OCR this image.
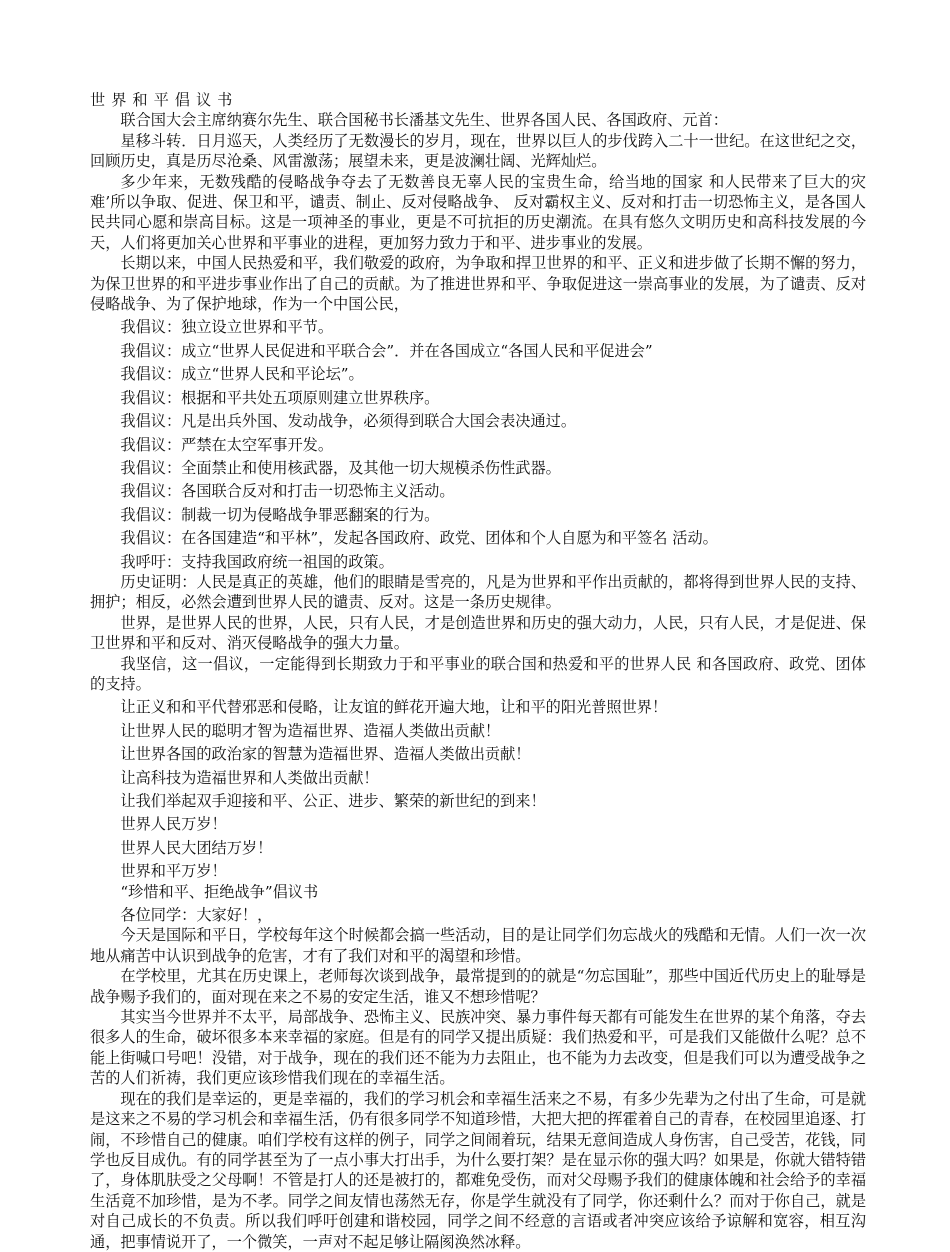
世界和平倡议书

联合国大会主席纳赛尔先生、联合国秘书长潘基文先生、世界各国人民、各国政府、元首：

星移斗转．日月巡天，人类经历了无数漫长的岁月，现在，世界以巨人的步伐跨入二十一世纪。在这世纪之交，回顾历史，真是历尽沧桑、风雷激荡；展望未来，更是波澜壮阔、光辉灿烂。

多少年来，无数残酷的侵略战争夺去了无数善良无辜人民的宝贵生命，给当地的国家 和人民带来了巨大的灾难’所以争取、促进、保卫和平，谴责、制止、反对侵略战争、 反对霸权主义、反对和打击一切恐怖主义，是各国人民共同心愿和崇高目标。这是一项神圣的事业，更是不可抗拒的历史潮流。在具有悠久文明历史和高科技发展的今天，人们将更加关心世界和平事业的进程，更加努力致力于和平、进步事业的发展。

长期以来，中国人民热爱和平，我们敬爱的政府，为争取和捍卫世界的和平、正义和进步做了长期不懈的努力，为保卫世界的和平进步事业作出了自己的贡献。为了推进世界和平、争取促进这一崇高事业的发展，为了谴责、反对侵略战争、为了保护地球，作为一个中国公民，

我倡议：独立设立世界和平节。

我倡议：成立“世界人民促进和平联合会”．并在各国成立“各国人民和平促进会”

我倡议：成立“世界人民和平论坛”。

我倡议：根据和平共处五项原则建立世界秩序。

我倡议：凡是出兵外国、发动战争，必须得到联合大国会表决通过。

我倡议：严禁在太空军事开发。

我倡议：全面禁止和使用核武器，及其他一切大规模杀伤性武器。

我倡议：各国联合反对和打击一切恐怖主义活动。

我倡议：制裁一切为侵略战争罪恶翻案的行为。

我倡议：在各国建造“和平林”，发起各国政府、政党、团体和个人自愿为和平签名 活动。

我呼吁：支持我国政府统一祖国的政策。

历史证明：人民是真正的英雄，他们的眼睛是雪亮的，凡是为世界和平作出贡献的，都将得到世界人民的支持、拥护；相反，必然会遭到世界人民的谴责、反对。这是一条历史规律。

世界，是世界人民的世界，人民，只有人民，才是创造世界和历史的强大动力，人民，只有人民，才是促进、保卫世界和平和反对、消灭侵略战争的强大力量。

我坚信，这一倡议，一定能得到长期致力于和平事业的联合国和热爱和平的世界人民 和各国政府、政党、团体的支持。

让正义和和平代替邪恶和侵略，让友谊的鲜花开遍大地，让和平的阳光普照世界！

让世界人民的聪明才智为造福世界、造福人类做出贡献！

让世界各国的政治家的智慧为造福世界、造福人类做出贡献！

让高科技为造福世界和人类做出贡献！

让我们举起双手迎接和平、公正、进步、繁荣的新世纪的到来！

世界人民万岁！

世界人民大团结万岁！

世界和平万岁！

“珍惜和平、拒绝战争”倡议书

各位同学：大家好！，

今天是国际和平日，学校每年这个时候都会搞一些活动，目的是让同学们勿忘战火的残酷和无情。人们一次一次地从痛苦中认识到战争的危害，才有了我们对和平的渴望和珍惜。

在学校里，尤其在历史课上，老师每次谈到战争，最常提到的的就是“勿忘国耻”，那些中国近代历史上的耻辱是战争赐予我们的，面对现在来之不易的安定生活，谁又不想珍惜呢？

其实当今世界并不太平，局部战争、恐怖主义、民族冲突、暴力事件每天都有可能发生在世界的某个角落，夺去很多人的生命，破坏很多本来幸福的家庭。但是有的同学又提出质疑：我们热爱和平，可是我们又能做什么呢？总不能上街喊口号吧！没错，对于战争，现在的我们还不能为力去阻止，也不能为力去改变，但是我们可以为遭受战争之苦的人们祈祷，我们更应该珍惜我们现在的幸福生活。

现在的我们是幸运的，更是幸福的，我们的学习机会和幸福生活来之不易，有多少先辈为之付出了生命，可是就是这来之不易的学习机会和幸福生活，仍有很多同学不知道珍惜，大把大把的挥霍着自己的青春，在校园里追逐、打闹，不珍惜自己的健康。咱们学校有这样的例子，同学之间闹着玩，结果无意间造成人身伤害，自己受苦，花钱，同学也反目成仇。有的同学甚至为了一点小事大打出手，为什么要打架？是在显示你的强大吗？如果是，你就大错特错了，身体肌肤受之父母啊！不管是打人的还是被打的，都难免受伤，而对父母赐予我们的健康体魄和社会给予的幸福生活竟不加珍惜，是为不孝。同学之间友情也荡然无存，你是学生就没有了同学，你还剩什么？而对于你自己，就是对自己成长的不负责。所以我们呼吁创建和谐校园，同学之间不经意的言语或者冲突应该给予谅解和宽容，相互沟通，把事情说开了，一个微笑，一声对不起足够让隔阂涣然冰释。
